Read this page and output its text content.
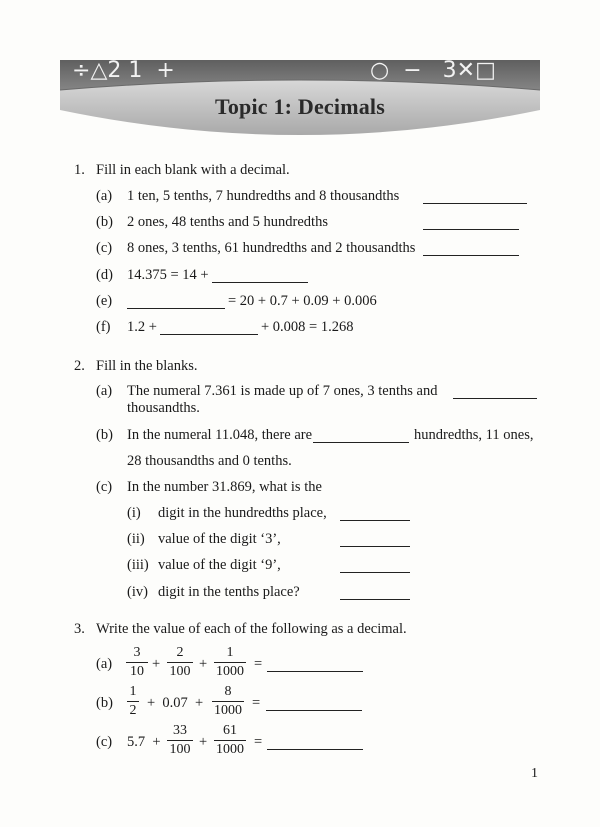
÷△2 1 +	○ − 3✕□
Topic 1: Decimals
1. Fill in each blank with a decimal.
(a) 1 ten, 5 tenths, 7 hundredths and 8 thousandths
(b) 2 ones, 48 tenths and 5 hundredths
(c) 8 ones, 3 tenths, 61 hundredths and 2 thousandths
(d) 14.375 = 14 +
(e)	= 20 + 0.7 + 0.09 + 0.006
(f) 1.2 +	+ 0.008 = 1.268
2. Fill in the blanks.
(a) The numeral 7.361 is made up of 7 ones, 3 tenths and
thousandths.
(b) In the numeral 11.048, there are	hundredths, 11 ones,
28 thousandths and 0 tenths.
(c) In the number 31.869, what is the
(i) digit in the hundredths place,
(ii) value of the digit ‘3’,
(iii) value of the digit ‘9’,
(iv) digit in the tenths place?
3. Write the value of each of the following as a decimal.
(a)
3
10 +
2
100 +
1
1000 =
(b)
1
2 +  0.07  +
8
1000 =
(c) 5.7  +
33
100 +
61
1000 =
1
